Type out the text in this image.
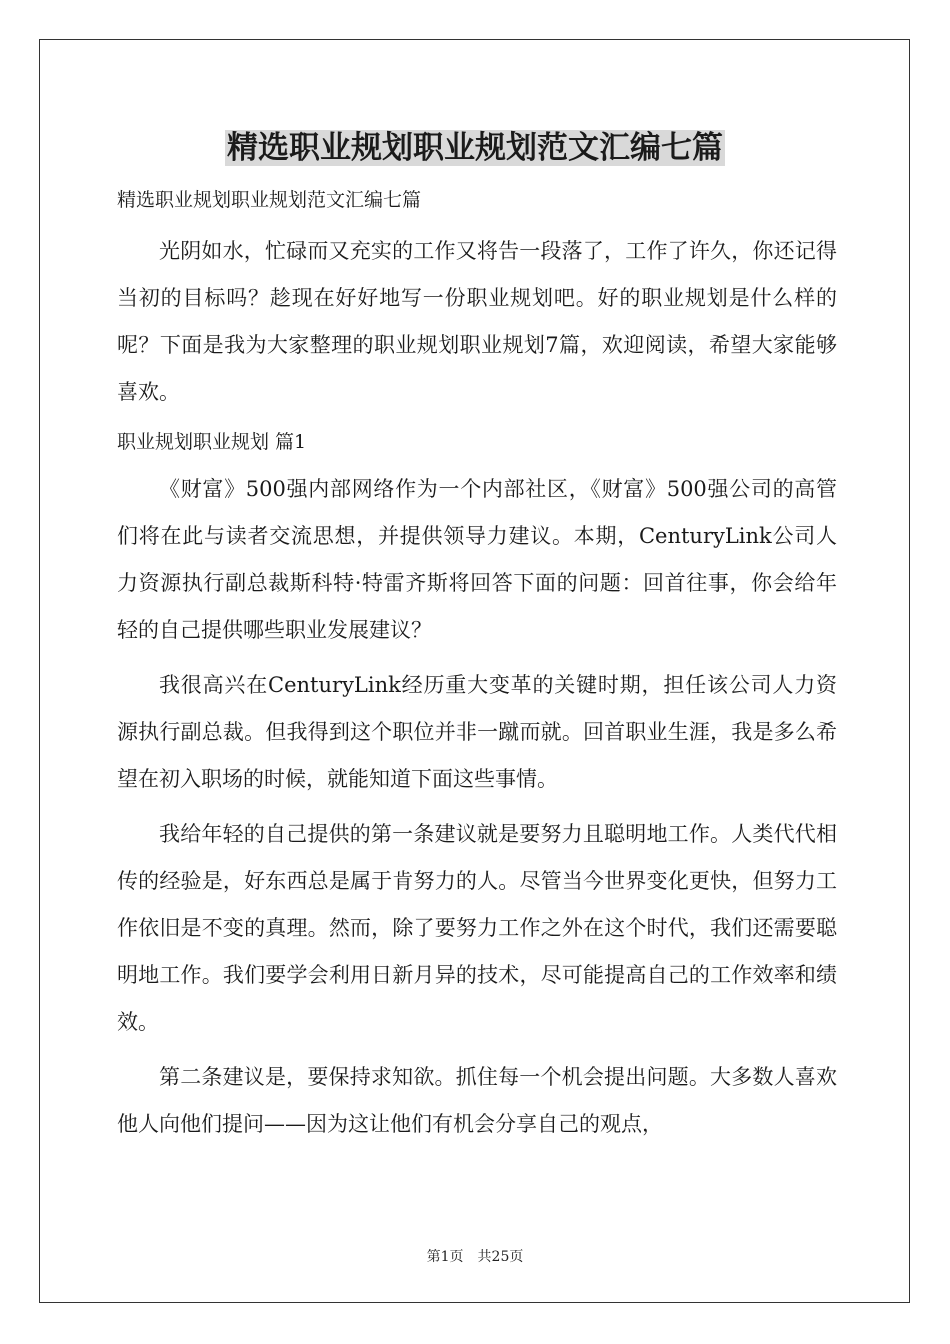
精选职业规划职业规划范文汇编七篇

精选职业规划职业规划范文汇编七篇

光阴如水，忙碌而又充实的工作又将告一段落了，工作了许久，你还记得当初的目标吗？趁现在好好地写一份职业规划吧。好的职业规划是什么样的呢？下面是我为大家整理的职业规划职业规划7篇，欢迎阅读，希望大家能够喜欢。

职业规划职业规划 篇1

《财富》500强内部网络作为一个内部社区，《财富》500强公司的高管们将在此与读者交流思想，并提供领导力建议。本期，CenturyLink公司人力资源执行副总裁斯科特·特雷齐斯将回答下面的问题：回首往事，你会给年轻的自己提供哪些职业发展建议？

我很高兴在CenturyLink经历重大变革的关键时期，担任该公司人力资源执行副总裁。但我得到这个职位并非一蹴而就。回首职业生涯，我是多么希望在初入职场的时候，就能知道下面这些事情。

我给年轻的自己提供的第一条建议就是要努力且聪明地工作。人类代代相传的经验是，好东西总是属于肯努力的人。尽管当今世界变化更快，但努力工作依旧是不变的真理。然而，除了要努力工作之外在这个时代，我们还需要聪明地工作。我们要学会利用日新月异的技术，尽可能提高自己的工作效率和绩效。

第二条建议是，要保持求知欲。抓住每一个机会提出问题。大多数人喜欢他人向他们提问——因为这让他们有机会分享自己的观点，

第1页　共25页
